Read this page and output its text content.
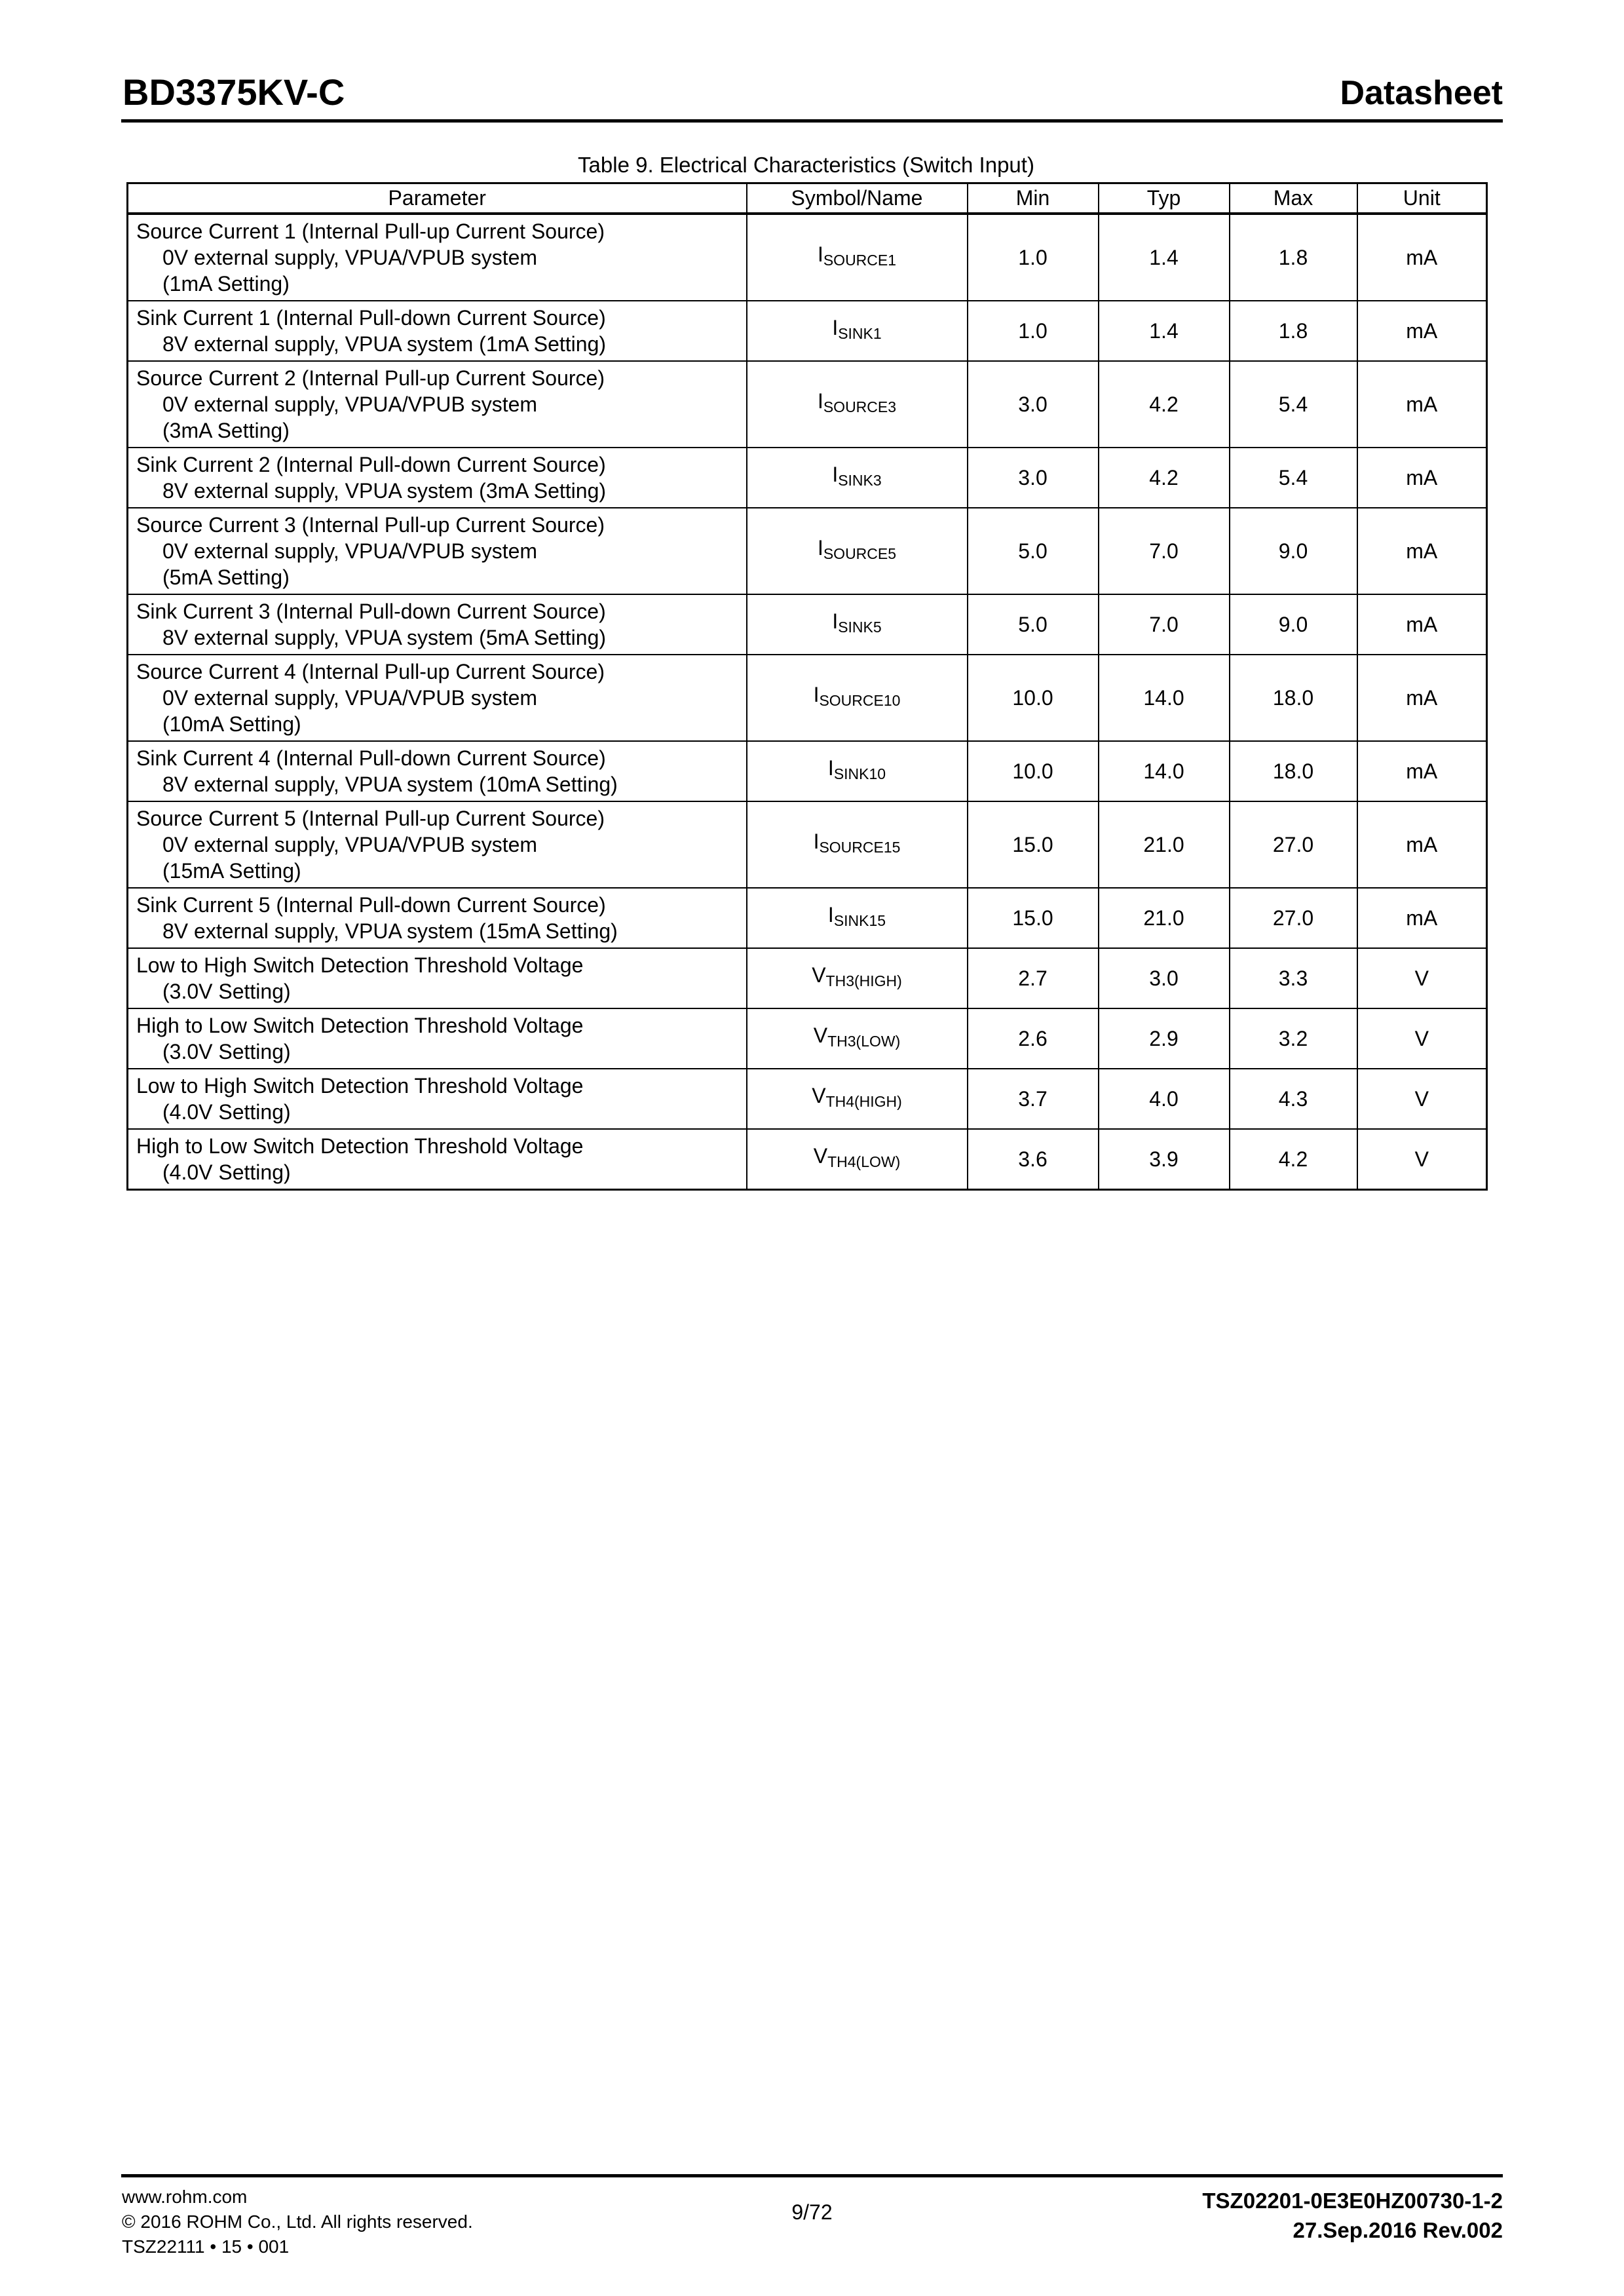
BD3375KV-C	Datasheet
Table 9. Electrical Characteristics (Switch Input)
Parameter	Symbol/Name	Min	Typ	Max	Unit

Source Current 1 (Internal Pull-up Current Source)
0V external supply, VPUA/VPUB system
(1mA Setting)	ISOURCE1	1.0	1.4	1.8	mA

Sink Current 1 (Internal Pull-down Current Source)
8V external supply, VPUA system (1mA Setting)	ISINK1	1.0	1.4	1.8	mA

Source Current 2 (Internal Pull-up Current Source)
0V external supply, VPUA/VPUB system
(3mA Setting)	ISOURCE3	3.0	4.2	5.4	mA

Sink Current 2 (Internal Pull-down Current Source)
8V external supply, VPUA system (3mA Setting)	ISINK3	3.0	4.2	5.4	mA

Source Current 3 (Internal Pull-up Current Source)
0V external supply, VPUA/VPUB system
(5mA Setting)	ISOURCE5	5.0	7.0	9.0	mA

Sink Current 3 (Internal Pull-down Current Source)
8V external supply, VPUA system (5mA Setting)	ISINK5	5.0	7.0	9.0	mA

Source Current 4 (Internal Pull-up Current Source)
0V external supply, VPUA/VPUB system
(10mA Setting)	ISOURCE10	10.0	14.0	18.0	mA

Sink Current 4 (Internal Pull-down Current Source)
8V external supply, VPUA system (10mA Setting)	ISINK10	10.0	14.0	18.0	mA

Source Current 5 (Internal Pull-up Current Source)
0V external supply, VPUA/VPUB system
(15mA Setting)	ISOURCE15	15.0	21.0	27.0	mA

Sink Current 5 (Internal Pull-down Current Source)
8V external supply, VPUA system (15mA Setting)	ISINK15	15.0	21.0	27.0	mA

Low to High Switch Detection Threshold Voltage
(3.0V Setting)	VTH3(HIGH)	2.7	3.0	3.3	V

High to Low Switch Detection Threshold Voltage
(3.0V Setting)	VTH3(LOW)	2.6	2.9	3.2	V

Low to High Switch Detection Threshold Voltage
(4.0V Setting)	VTH4(HIGH)	3.7	4.0	4.3	V

High to Low Switch Detection Threshold Voltage
(4.0V Setting)	VTH4(LOW)	3.6	3.9	4.2	V
www.rohm.com
© 2016 ROHM Co., Ltd. All rights reserved.
TSZ22111 • 15 • 001
9/72	TSZ02201-0E3E0HZ00730-1-2
27.Sep.2016 Rev.002
